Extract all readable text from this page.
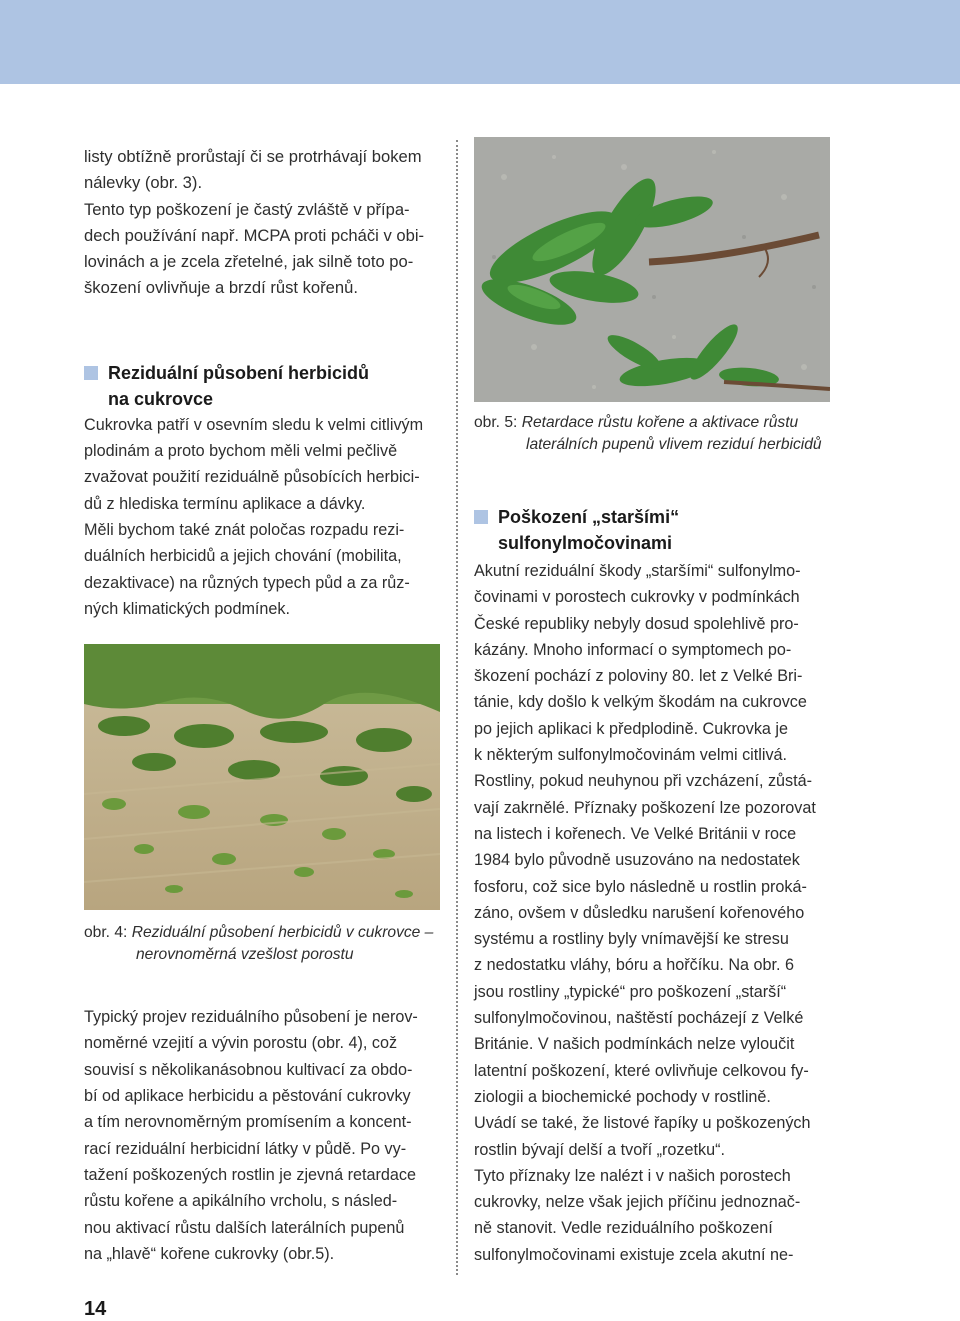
listy obtížně prorůstají či se protrhávají bokem

nálevky (obr. 3).

Tento typ poškození je častý zvláště v přípa-

dech používání např. MCPA proti pcháči v obi-

lovinách a je zcela zřetelné, jak silně toto po-

škození ovlivňuje a brzdí růst kořenů.

Reziduální působení herbicidů
na cukrovce

Cukrovka patří v osevním sledu k velmi citlivým

plodinám a proto bychom měli velmi pečlivě

zvažovat použití reziduálně působících herbici-

dů z hlediska termínu aplikace a dávky.

Měli bychom také znát poločas rozpadu rezi-

duálních herbicidů a jejich chování (mobilita,

dezaktivace) na různých typech půd a za růz-

ných klimatických podmínek.

obr. 4: Reziduální působení herbicidů v cukrovce – nerovnoměrná vzešlost porostu

Typický projev reziduálního působení je nerov-

noměrné vzejití a vývin porostu (obr. 4), což

souvisí s několikanásobnou kultivací za obdo-

bí od aplikace herbicidu a pěstování cukrovky

a tím nerovnoměrným promísením a koncent-

rací reziduální herbicidní látky v půdě. Po vy-

tažení poškozených rostlin je zjevná retardace

růstu kořene a apikálního vrcholu, s násled-

nou aktivací růstu dalších laterálních pupenů

na „hlavě“ kořene cukrovky (obr.5).

obr. 5: Retardace růstu kořene a aktivace růstu laterálních pupenů vlivem reziduí herbicidů
Poškození „staršími“
sulfonylmočovinami

Akutní reziduální škody „staršími“ sulfonylmo-

čovinami v porostech cukrovky v podmínkách

České republiky nebyly dosud spolehlivě pro-

kázány. Mnoho informací o symptomech po-

škození pochází z poloviny 80. let z Velké Bri-

tánie, kdy došlo k velkým škodám na cukrovce

po jejich aplikaci k předplodině. Cukrovka je

k některým sulfonylmočovinám velmi citlivá.

Rostliny, pokud neuhynou při vzcházení, zůstá-

vají zakrnělé. Příznaky poškození lze pozorovat

na listech i kořenech. Ve Velké Británii v roce

1984 bylo původně usuzováno na nedostatek

fosforu, což sice bylo následně u rostlin proká-

záno, ovšem v důsledku narušení kořenového

systému a rostliny byly vnímavější ke stresu

z nedostatku vláhy, bóru a hořčíku. Na obr. 6

jsou rostliny „typické“ pro poškození „starší“

sulfonylmočovinou, naštěstí pocházejí z Velké

Británie. V našich podmínkách nelze vyloučit

latentní poškození, které ovlivňuje celkovou fy-

ziologii a biochemické pochody v rostlině.

Uvádí se také, že listové řapíky u poškozených

rostlin bývají delší a tvoří „rozetku“.

Tyto příznaky lze nalézt i v našich porostech

cukrovky, nelze však jejich příčinu jednoznač-

ně stanovit. Vedle reziduálního poškození

sulfonylmočovinami existuje zcela akutní ne-

14
